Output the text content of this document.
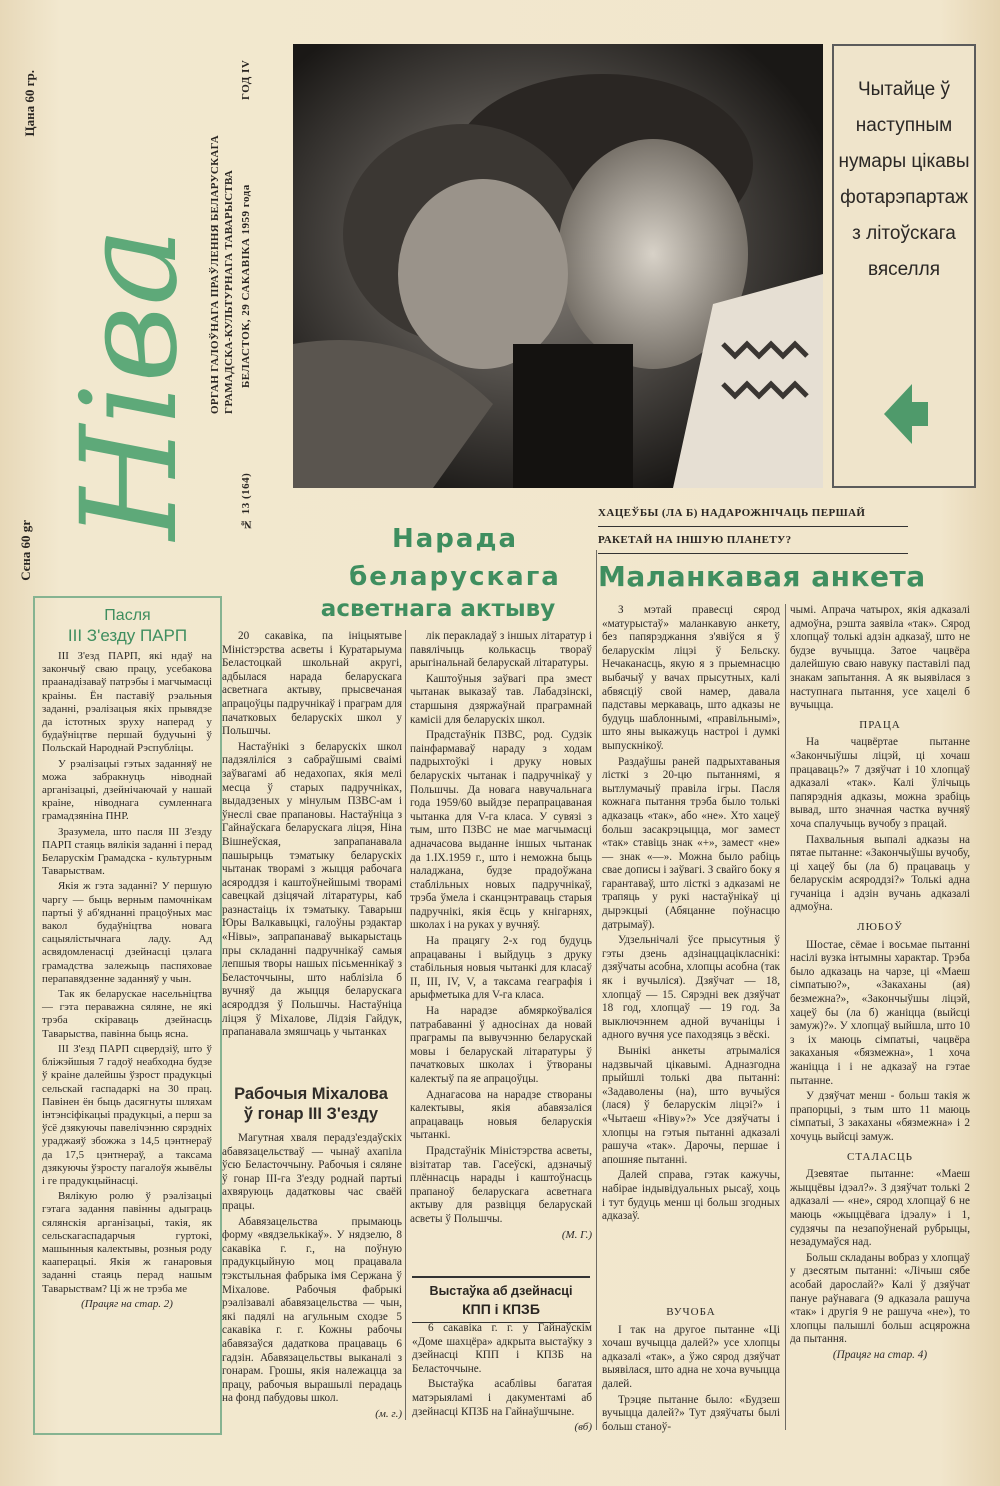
Ніва
Сєна 60 gr
Цана 60 гр.
ОРГАН ГАЛОЎНАГА ПРАЎЛЕННЯ БЕЛАРУСКАГА ГРАМАДСКА-КУЛЬТУРНАГА ТАВАРЫСТВА
№ 13 (164)
БЕЛАСТОК, 29 САКАВІКА 1959 года
ГОД IV	Чытайце ў наступным нумары цікавы фотарэпартаж з літоўскага вяселля

Пасля
III З'езду ПАРП

III З'езд ПАРП, які ндаў на закончыў сваю працу, усебакова праанадізаваў патрэбы і магчымасці краіны. Ён паставіў рэальныя заданні, рэалізацыя якіх прывядзе да істотных зруху наперад у будаўніцтве першай будучыні ў Польскай Народнай Рэспубліцы.

У рэалізацыі гэтых заданняў не можа забракнуць ніводнай арганізацыі, дзейнічаючай у нашай краіне, ніводнага сумленнага грамадзяніна ПНР.

Зразумела, што пасля III З'езду ПАРП стаяць вялікія заданні і перад Беларускім Грамадска - культурным Таварыствам.

Якія ж гэта заданні? У першую чаргу — быць верным памочнікам партыі ў аб'яднанні працоўных мас вакол будаўніцтва новага сацыялістычнага ладу. Ад асвядомленасці дзейнасці цэлага грамадства залежыць паспяховае перапавядзенне заданняў у чын.

Так як беларускае насельніцтва — гэта пераважна сяляне, не які трэба скіраваць дзейнасць Таварыства, павінна быць ясна.

III З'езд ПАРП сцвердзіў, што ў бліжэйшыя 7 гадоў неабходна будзе ў краіне далейшы ўзрост прадукцыі сельскай гаспадаркі на 30 прац. Павінен ён быць дасягнуты шляхам інтэнсіфікацыі прадукцыі, а перш за ўсё дзякуючы павелічэнню сярэдніх ураджаяў збожжа з 14,5 цэнтнераў да 17,5 цэнтнераў, а таксама дзякуючы ўзросту пагалоўя жывёлы і ге прадукцыйнасці.

Вялікую ролю ў рэалізацыі гэтага задання павінны адыграць сялянскія арганізацыі, такія, як сельскагаспадарчыя гуртокі, машынныя калектывы, розныя роду кааперацыі. Якія ж ганаровыя заданні стаяць перад нашым Таварыствам? Ці ж не трэба ме

(Працяг на стар. 2)
Нарада
беларускага
асветнага актыву

20 сакавіка, па ініцыятыве Міністэрства асветы і Куратарыума Беластоцкай школьнай акругі, адбылася нарада беларускага асветнага актыву, прысвечаная апрацоўцы падручнікаў і праграм для пачатковых беларускіх школ у Польшчы.

Настаўнікі з беларускіх школ падзяліліся з сабраўшымі свaімі заўвагамі аб недахопах, якія мелі месца ў старых падручніках, выдадзеных у мінулым ПЗВС-ам і ўнеслі свае прапановы. Настаўніца з Гайнаўскага беларускага ліцэя, Ніна Вішнеўская, запрапанавала пашырыць тэматыку беларускіх чытанак творамі з жыцця рабочага асяроддзя і каштоўнейшымі творамі савецкай дзіцячай літаратуры, каб разнастаіць іх тэматыку. Таварыш Юры Валкавыцкі, галоўны рэдактар «Нівы», запрапанаваў выкарыстаць пры складанні падручнікаў самыя лепшыя творы нашых пісьменнікаў з Беласточчыны, што наблізіла б вучняў да жыцця беларускага асяроддзя ў Польшчы. Настаўніца ліцэя ў Міхалове, Лідзія Гайдук, прапанавала змяшчаць у чытанках

лік перакладаў з іншых літаратур і павялічыць колькасць твораў арыгінальнай беларускай літаратуры.

Каштоўныя заўвагі пра змест чытанак выказаў тав. Лабадзінскі, старшыня дзяржаўнай праграмнай камісіі для беларускіх школ.

Прадстаўнік ПЗВС, род. Судзік паінфармаваў нараду з ходам падрыхтоўкі і друку новых беларускіх чытанак і падручнікаў у Польшчы. Да новага навучальнага года 1959/60 выйдзе перапрацаваная чытанка для V-га класа. У сувязі з тым, што ПЗВС не мае магчымасці адначасова выданне іншых чытанак да 1.IX.1959 г., што і неможна быць наладжана, будзе прадоўжана стаблільных новых падручнікаў, трэба ўмела і сканцэнтраваць старыя падручнікі, якія ёсць у кнігарнях, школах і на руках у вучняў.

На працягу 2-х год будуць апрацаваны і выйдуць з друку стабільныя новыя чытанкі для класаў II, III, IV, V, а таксама геаграфія і арыфметыка для V-га класа.

На нарадзе абмяркоўваліся патрабаванні ў адносінах да новай праграмы па вывучэнню беларускай мовы і беларускай літаратуры ў пачатковых школах і ўтвораны калектыў па яе апрацоўцы.

Аднагасова на нарадзе створаны калектывы, якія абавязаліся апрацаваць новыя беларускія чытанкі.

Прадстаўнік Міністэрства асветы, візітатар тав. Гасеўскі, адзначыў плённасць нарады і каштоўнасць прапаноў беларускага асветнага актыву для развіцця беларускай асветы ў Польшчы.

(М. Г.)
Рабочыя Міхалова
ў гонар III З'езду

Магутная хваля перадз'ездаўскіх абавязацельстваў — чынаў ахапіла ўсю Беласточчыну. Рабочыя і сяляне ў гонар III-га З'езду роднай партыі ахвяруюць дадатковы час сваёй працы.

Абавязацельства прымаюць форму «вядзелькікаў». У нядзелю, 8 сакавіка г. г., на поўную прадукцыйную моц працавала тэкстыльная фабрыка імя Сержана ў Міхалове. Рабочыя фабрыкі рэалізавалі абавязацельства — чын, які падялі на агульным сходзе 5 сакавіка г. г. Кожны рабочы абавязаўся дадаткова працаваць 6 гадзін. Абавязацельствы выканалі з гонарам. Грошы, якія належацца за працу, рабочыя вырашылі перадаць на фонд пабудовы школ.

(м. г.)

Выстаўка аб дзейнасці
КПП і КПЗБ

6 сакавіка г. г. у Гайнаўскім «Доме шахцёра» адкрыта выстаўку з дзейнасці КПП і КПЗБ на Беласточчыне.

Выстаўка асаблівы багатая матэрыяламі і дакументамі аб дзейнасці КПЗБ на Гайнаўшчыне.

(вб)
ХАЦЕЎБЫ (ЛА Б) НАДАРОЖНІЧАЦЬ ПЕРШАЙ
РАКЕТАЙ НА ІНШУЮ ПЛАНЕТУ?
Маланкавая анкета

З мэтай правесці сярод «матурыстаў» маланкавую анкету, без папярэджання з'явіўся я ў беларускім ліцэі ў Бельску. Нечаканасць, якую я з прыемнасцю выбачыў у вачах прысутных, калі абвясціў свой намер, давала падставы меркаваць, што адказы не будуць шаблоннымі, «правільнымі», што яны выкажуць настроі і думкі выпускнікоў.

Раздаўшы раней падрыхтаваныя лісткі з 20-цю пытаннямі, я вытлумачыў правіла ігры. Пасля кожнага пытання трэба было толькі адказаць «так», або «не». Хто хацеў больш засакрэцыцца, мог замест «так» ставіць знак «+», замест «не» — знак «—». Можна было рабіць свае дописы і заўвагі. З свайго боку я гарантаваў, што лісткі з адказамі не трапяць у рукі настаўнікаў ці дырэкцыі (Абяцанне поўнасцю датрымаў).

Удзельнічалі ўсе прысутныя ў гэты дзень адзінаццацікласнікі: дзяўчаты асобна, хлопцы асобна (так як і вучыліся). Дзяўчат — 18, хлопцаў — 15. Сярэдні век дзяўчат 18 год, хлопцаў — 19 год. За выключэннем адной вучаніцы і адного вучня усе паходзяць з вёскі.

Вынікі анкеты атрымаліся надзвычай цікавымі. Адназгодна прыйшлі толькі два пытанні: «Задаволены (на), што вучыўся (лася) ў беларускім ліцэі?» і «Чытаеш «Ніву»?» Усе дзяўчаты і хлопцы на гэтыя пытанні адказалі рашуча «так». Дарочы, першае і апошняе пытанні.

Далей справа, гэтак кажучы, набірае індывідуальных рысаў, хоць і тут будуць менш ці больш згодных адказаў.

ВУЧОБА

І так на другое пытанне «Ці хочаш вучыцца далей?» усе хлопцы адказалі «так», а ўжо сярод дзяўчат выявілася, што адна не хоча вучыцца далей.

Трэцяе пытанне было: «Будзеш вучыцца далей?» Тут дзяўчаты былі больш станоў-

чымі. Апрача чатырох, якія адказалі адмоўна, рэшта заявіла «так». Сярод хлопцаў толькі адзін адказаў, што не будзе вучыцца. Затое чацвёра далейшую сваю навуку паставілі пад знакам запытання. А як выявілася з наступнага пытання, усе хацелі б вучыцца.

ПРАЦА

На чацвёртае пытанне «Закончыўшы ліцэй, ці хочаш працаваць?» 7 дзяўчат і 10 хлопцаў адказалі «так». Калі ўлічыць папярэднія адказы, можна зрабіць вывад, што значная частка вучняў хоча спалучыць вучобу з працай.

Пахвальныя выпалі адказы на пятае пытанне: «Закончыўшы вучобу, ці хацеў бы (ла б) працаваць у беларускім асяроддзі?» Толькі адна гучаніца і адзін вучань адказалі адмоўна.

ЛЮБОЎ

Шостае, сёмае і восьмае пытанні насілі вузка інтымны характар. Трэба было адказаць на чарзе, ці «Маеш сімпатыю?», «Закаханы (ая) безмежна?», «Закончыўшы ліцэй, хацеў бы (ла б) жаніцца (выйсці замуж)?». У хлопцаў выйшла, што 10 з іх маюць сімпатыі, чацвёра закаханыя «бязмежна», 1 хоча жаніцца і і не адказаў на гэтае пытанне.

У дзяўчат менш - больш такія ж прапорцыі, з тым што 11 маюць сімпатыі, 3 закаханы «бязмежна» і 2 хочуць выйсці замуж.

СТАЛАСЦЬ

Дзевятае пытанне: «Маеш жыццёвы ідэал?». З дзяўчат толькі 2 адказалі — «не», сярод хлопцаў 6 не маюць «жыццёвага ідэалу» і 1, судзячы па незапоўненай рубрыцы, незадумаўся над.

Больш складаны вобраз у хлопцаў у дзесятым пытанні: «Лічыш сябе асобай дарослай?» Калі ў дзяўчат пануе раўнавага (9 адказала рашуча «так» і другія 9 не рашуча «не»), то хлопцы палышлі больш асцярожна да пытання.

(Працяг на стар. 4)
